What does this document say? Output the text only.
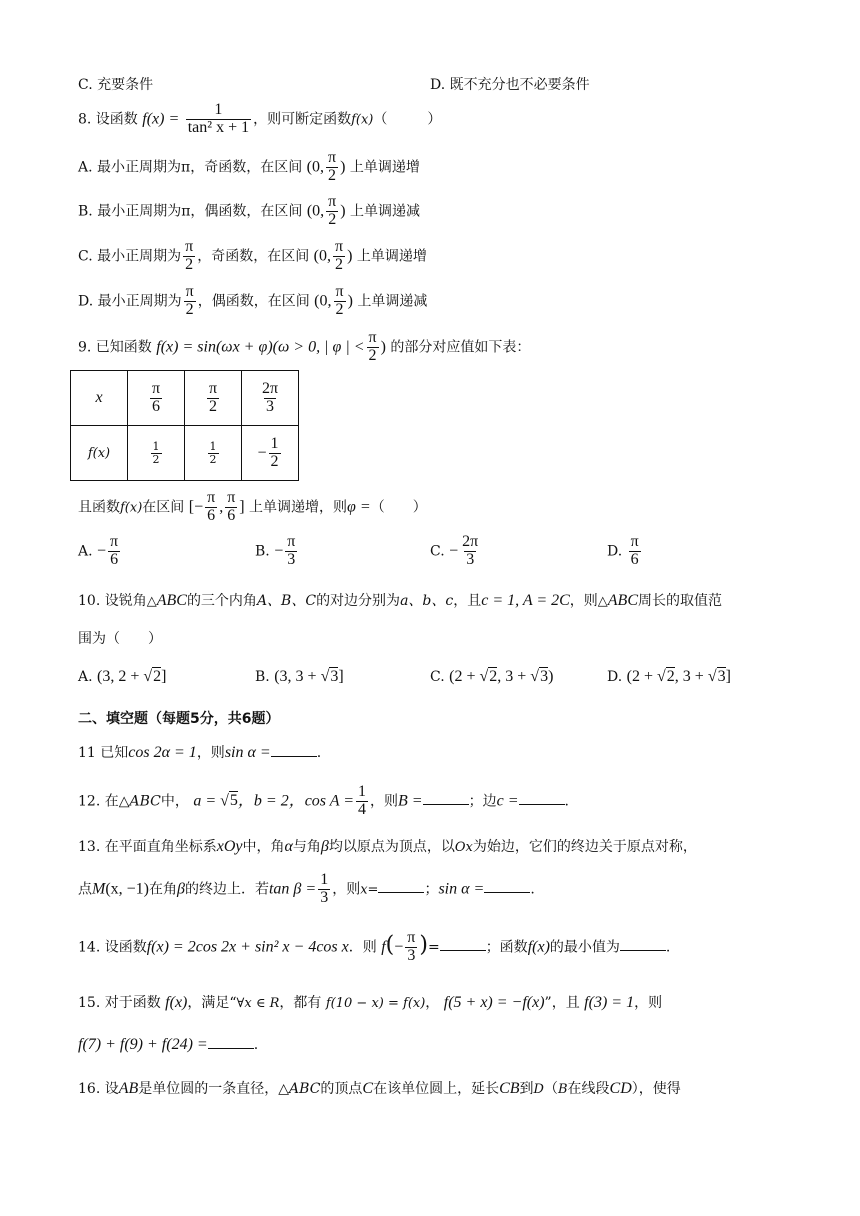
C. 充要条件	D. 既不充分也不必要条件
8. 设函数 $f(x) = \frac{1}{\text{tan² x + 1}}$ ，则可断定函数f(x)（	）
A. 最小正周期为π，奇函数，在区间 (0, $\frac{\pi}{2}$ ) 上单调递增
B. 最小正周期为π，偶函数，在区间 (0, $\frac{\pi}{2}$ ) 上单调递减
C. 最小正周期为 $\frac{\pi}{2}$ ，奇函数，在区间 (0, $\frac{\pi}{2}$ ) 上单调递增
D. 最小正周期为 $\frac{\pi}{2}$ ，偶函数，在区间 (0, $\frac{\pi}{2}$ ) 上单调递减
9. 已知函数 f(x) = sin(ωx + φ)(ω > 0, | φ | < $\frac{\pi}{2}$ ) 的部分对应值如下表：
x	$\frac{\pi}{6}$	$\frac{\pi}{2}$	$\frac{2\pi}{3}$

f(x)	$\frac{1}{2}$	$\frac{1}{2}$	− $\frac{1}{2}$
且函数f(x)在区间 [− $\frac{\pi}{6}$ , $\frac{\pi}{6}$ ] 上单调递增，则φ =（　　）
A. − $\frac{\pi}{6}$	B. − $\frac{\pi}{3}$	C. − $\frac{2\pi}{3}$	D. $\frac{\pi}{6}$
10. 设锐角△ABC的三个内角A、B、C的对边分别为a、b、c，且c = 1, A = 2C，则△ABC周长的取值范
围为（　　）
A. (3, 2 + √2]	B. (3, 3 + √3]	C. (2 + √2, 3 + √3)	D. (2 + √2, 3 + √3]
二、填空题（每题5分，共6题）
11 已知cos 2α = 1，则sin α =	.
12. 在△ABC中， a = √5，b = 2，$\cos A = \frac{1}{4}$ ，则B =	；边c =	.
13. 在平面直角坐标系xOy中，角α与角β均以原点为顶点，以Ox为始边，它们的终边关于原点对称，
点M(x, −1)在角β的终边上．若$\tan \beta = \frac{1}{3}$ ，则x=	；sin α =	.
14. 设函数f(x) = 2cos 2x + sin² x − 4cos x．则 $f(- \frac{\pi}{3}$ )=	；函数f(x)的最小值为	.
15. 对于函数 f(x)，满足“∀x ∈ R，都有 f(10 − x) = f(x)， f(5 + x) = −f(x)”，且 f(3) = 1，则
f(7) + f(9) + f(24) =	.
16. 设AB是单位圆的一条直径，△ABC的顶点C在该单位圆上，延长CB到D（B在线段CD），使得
